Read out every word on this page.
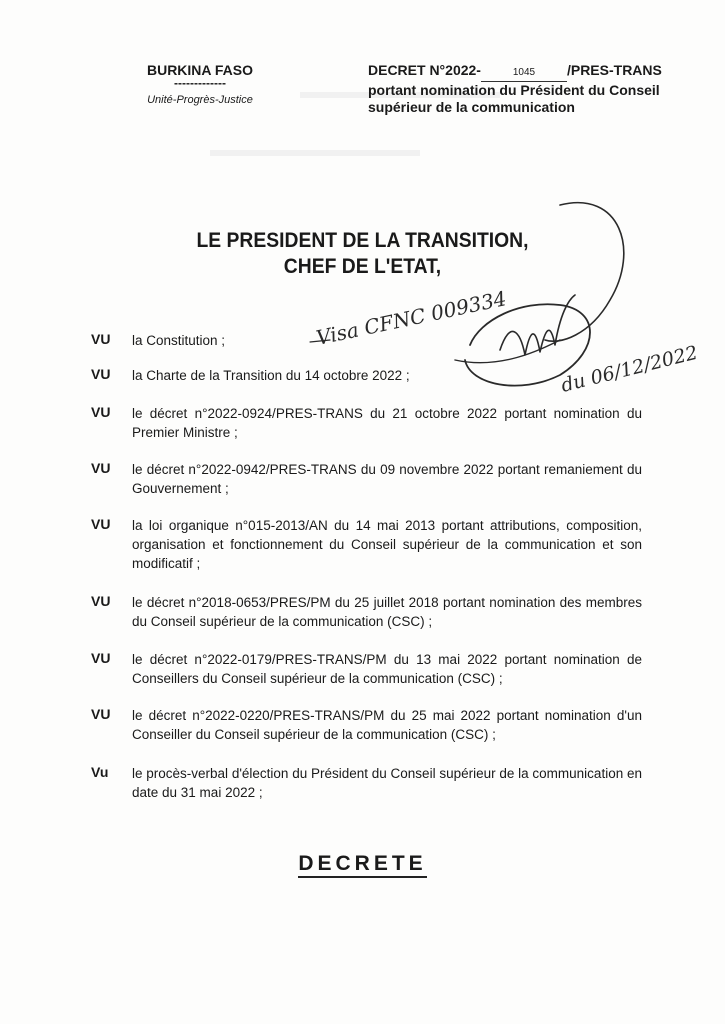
BURKINA FASO
-------------
Unité-Progrès-Justice
DECRET N°2022-	1045 /PRES-TRANS
portant nomination du Président du Conseil
supérieur de la communication
LE PRESIDENT DE LA TRANSITION,
CHEF DE L'ETAT,
VU la Constitution ;
VU la Charte de la Transition du 14 octobre 2022 ;
VU le décret n°2022-0924/PRES-TRANS du 21 octobre 2022 portant nomination du Premier Ministre ;
VU le décret n°2022-0942/PRES-TRANS du 09 novembre 2022 portant remaniement du Gouvernement ;
VU la loi organique n°015-2013/AN du 14 mai 2013 portant attributions, composition, organisation et fonctionnement du Conseil supérieur de la communication et son modificatif ;
VU le décret n°2018-0653/PRES/PM du 25 juillet 2018 portant nomination des membres du Conseil supérieur de la communication (CSC) ;
VU le décret n°2022-0179/PRES-TRANS/PM du 13 mai 2022 portant nomination de Conseillers du Conseil supérieur de la communication (CSC) ;
VU le décret n°2022-0220/PRES-TRANS/PM du 25 mai 2022 portant nomination d'un Conseiller du Conseil supérieur de la communication (CSC) ;
Vu le procès-verbal d'élection du Président du Conseil supérieur de la communication en date du 31 mai 2022 ;
DECRETE
Visa CFNC 009334
du 06/12/2022
